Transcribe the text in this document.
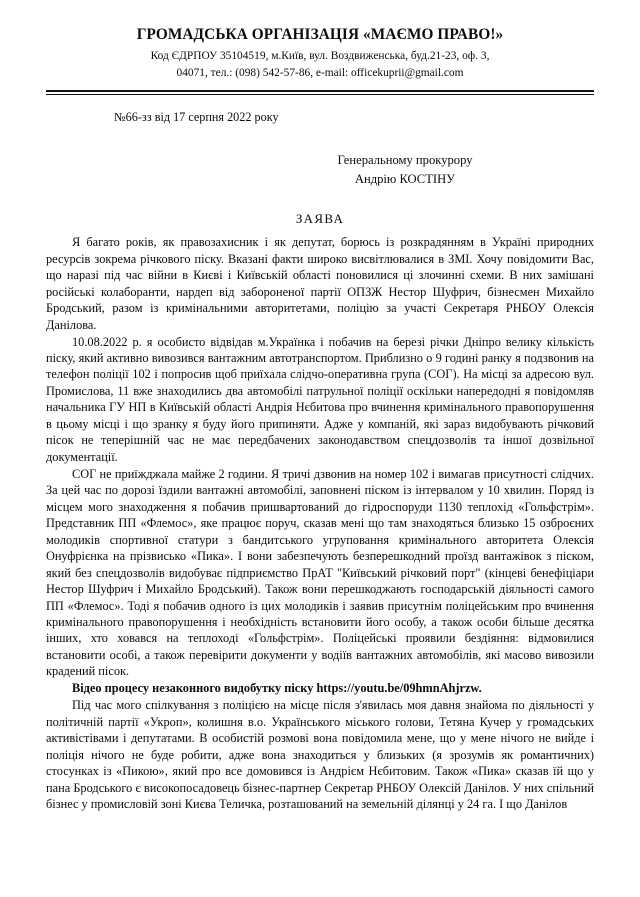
ГРОМАДСЬКА ОРГАНІЗАЦІЯ «МАЄМО ПРАВО!»
Код ЄДРПОУ 35104519, м.Київ, вул. Воздвиженська, буд.21-23, оф. 3,
04071, тел.: (098) 542-57-86, e-mail: officekuprii@gmail.com
№66-зз від 17 серпня 2022 року
Генеральному прокурору
Андрію КОСТІНУ
ЗАЯВА

Я багато років, як правозахисник і як депутат, борюсь із розкрадянням в Україні природних ресурсів зокрема річкового піску. Вказані факти широко висвітлювалися в ЗМІ. Хочу повідомити Вас, що наразі під час війни в Києві і Київській області поновилися ці злочинні схеми. В них замішані російські колаборанти, нардеп від забороненої партії ОПЗЖ Нестор Шуфрич, бізнесмен Михайло Бродський, разом із кримінальними авторитетами, поліцію за участі Секретаря РНБОУ Олексія Данілова.

10.08.2022 р. я особисто відвідав м.Українка і побачив на березі річки Дніпро велику кількість піску, який активно вивозився вантажним автотранспортом. Приблизно о 9 годині ранку я подзвонив на телефон поліції 102 і попросив щоб приїхала слідчо-оперативна група (СОГ). На місці за адресою вул. Промислова, 11 вже знаходились два автомобілі патрульної поліції оскільки напередодні я повідомляв начальника ГУ НП в Київській області Андрія Нєбитова про вчинення кримінального правопорушення в цьому місці і що зранку я буду його припиняти. Адже у компаній, які зараз видобувають річковий пісок не теперішній час не має передбачених законодавством спецдозволів та іншої дозвільної документації.

СОГ не приїжджала майже 2 години. Я тричі дзвонив на номер 102 і вимагав присутності слідчих. За цей час по дорозі їздили вантажні автомобілі, заповнені піском із інтервалом у 10 хвилин. Поряд із місцем мого знаходження я побачив пришвартований до гідроспоруди 1130 теплохід «Гольфстрім». Представник ПП «Флемос», яке працює поруч, сказав мені що там знаходяться близько 15 озброєних молодиків спортивної статури з бандитського угруповання кримінального авторитета Олексія Онуфрієнка на прізвисько «Пика». І вони забезпечують безперешкодний проїзд вантажівок з піском, який без спецдозволів видобуває підприємство ПрАТ "Київський річковий порт" (кінцеві бенефіціари Нестор Шуфрич і Михайло Бродський). Також вони перешкоджають господарській діяльності самого ПП «Флемос». Тоді я побачив одного із цих молодиків і заявив присутнім поліцейським про вчинення кримінального правопорушення і необхідність встановити його особу, а також особи більше десятка інших, хто ховався на теплоході «Гольфстрім». Поліцейські проявили бездіяння: відмовилися встановити особі, а також перевірити документи у водіїв вантажних автомобілів, які масово вивозили крадений пісок.

Відео процесу незаконного видобутку піску https://youtu.be/09hmnAhjrzw.

Під час мого спілкування з поліцією на місце після з'явилась моя давня знайома по діяльності у політичній партії «Укроп», колишня в.о. Українського міського голови, Тетяна Кучер у громадських активістівами і депутатами. В особистій розмові вона повідомила мене, що у мене нічого не вийде і поліція нічого не буде робити, адже вона знаходиться у близьких (я зрозумів як романтичних) стосунках із «Пикою», який про все домовився із Андрієм Нєбитовим. Також «Пика» сказав їй що у пана Бродського є високопосадовець бізнес-партнер Секретар РНБОУ Олексій Данілов. У них спільний бізнес у промисловій зоні Києва Теличка, розташований на земельній ділянці у 24 га. І що Данілов
